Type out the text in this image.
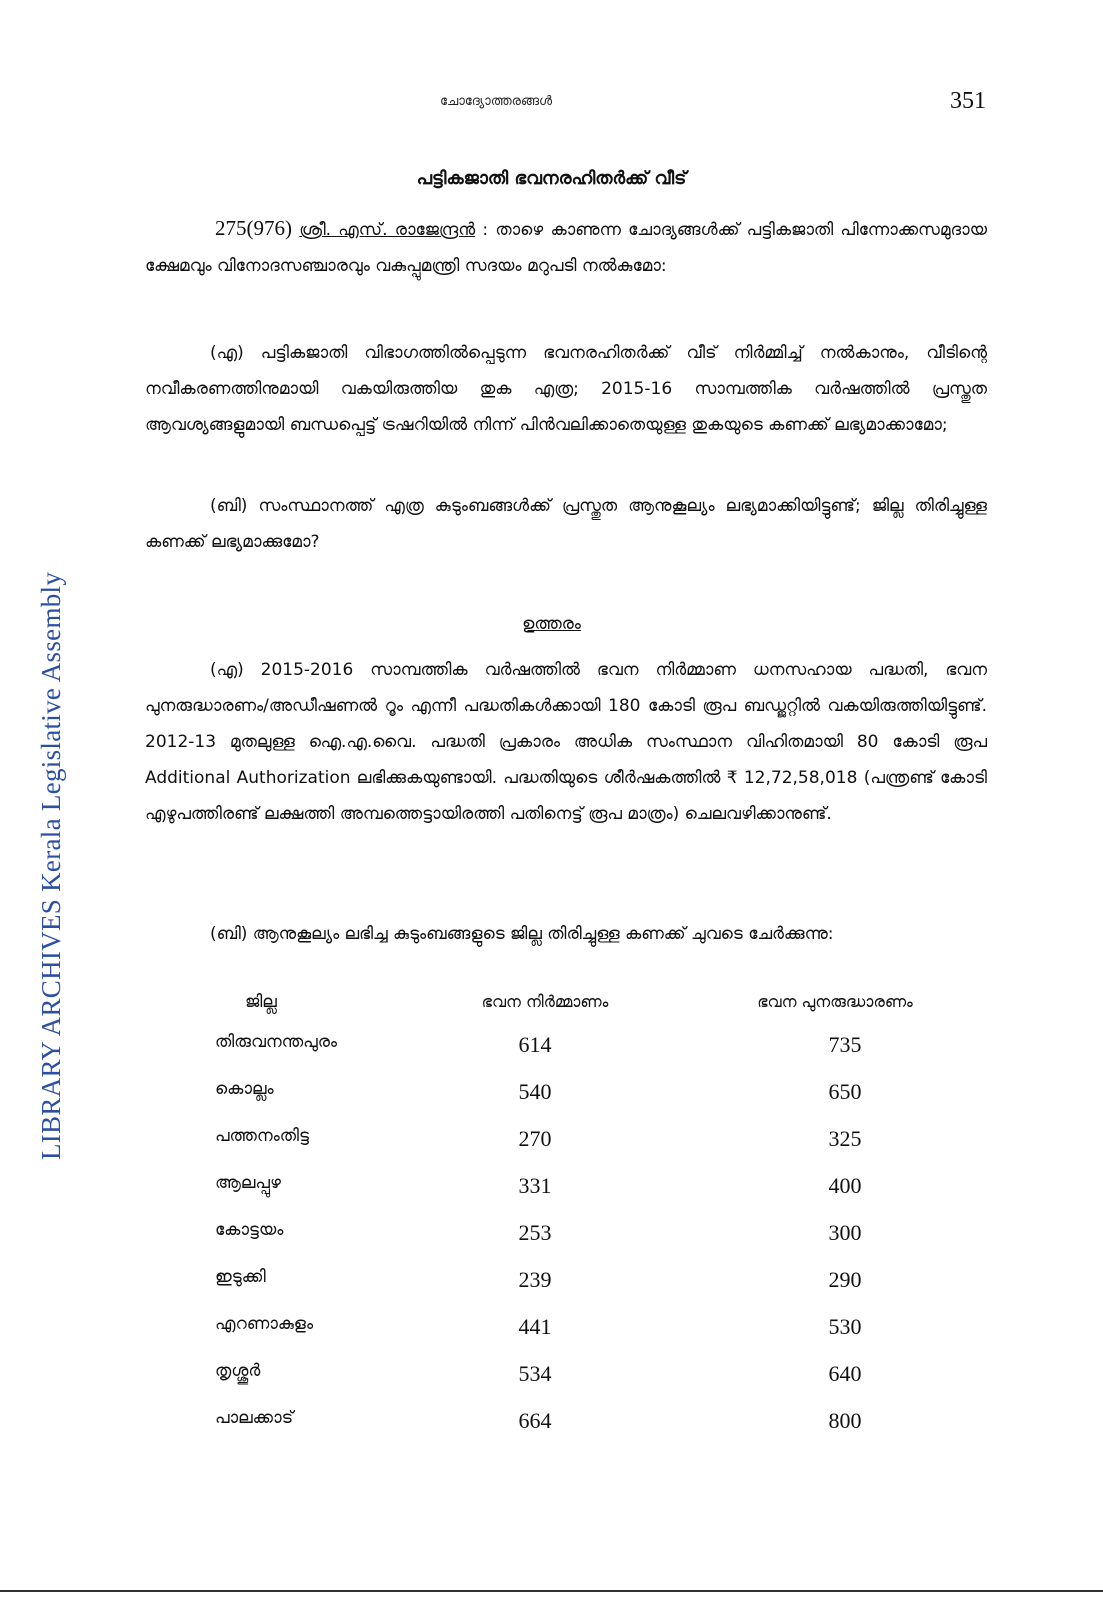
LIBRARY ARCHIVES Kerala Legislative Assembly
ചോദ്യോത്തരങ്ങൾ	351
പട്ടികജാതി ഭവനരഹിതർക്ക് വീട്
275(976) ശ്രീ. എസ്. രാജേന്ദ്രൻ : താഴെ കാണുന്ന ചോദ്യങ്ങൾക്ക് പട്ടികജാതി പിന്നോക്കസമുദായ ക്ഷേമവും വിനോദസഞ്ചാരവും വകുപ്പുമന്ത്രി സദയം മറുപടി നൽകുമോ:
(എ) പട്ടികജാതി വിഭാഗത്തിൽപ്പെടുന്ന ഭവനരഹിതർക്ക് വീട് നിർമ്മിച്ച് നൽകാനും, വീടിന്റെ നവീകരണത്തിനുമായി വകയിരുത്തിയ തുക എത്ര; 2015-16 സാമ്പത്തിക വർഷത്തിൽ പ്രസ്തുത ആവശ്യങ്ങളുമായി ബന്ധപ്പെട്ട് ട്രഷറിയിൽ നിന്ന് പിൻവലിക്കാതെയുള്ള തുകയുടെ കണക്ക് ലഭ്യമാക്കാമോ;
(ബി) സംസ്ഥാനത്ത് എത്ര കുടുംബങ്ങൾക്ക് പ്രസ്തുത ആനുകൂല്യം ലഭ്യമാക്കിയിട്ടുണ്ട്; ജില്ല തിരിച്ചുള്ള കണക്ക് ലഭ്യമാക്കുമോ?
ഉത്തരം
(എ) 2015-2016 സാമ്പത്തിക വർഷത്തിൽ ഭവന നിർമ്മാണ ധനസഹായ പദ്ധതി, ഭവന പുനരുദ്ധാരണം/അഡീഷണൽ റൂം എന്നീ പദ്ധതികൾക്കായി 180 കോടി രൂപ ബഡ്ജറ്റിൽ വകയിരുത്തിയിട്ടുണ്ട്. 2012-13 മുതലുള്ള ഐ.എ.വൈ. പദ്ധതി പ്രകാരം അധിക സംസ്ഥാന വിഹിതമായി 80 കോടി രൂപ Additional Authorization ലഭിക്കുകയുണ്ടായി. പദ്ധതിയുടെ ശീർഷകത്തിൽ ₹ 12,72,58,018 (പന്ത്രണ്ട് കോടി എഴുപത്തിരണ്ട് ലക്ഷത്തി അമ്പത്തെട്ടായിരത്തി പതിനെട്ട് രൂപ മാത്രം) ചെലവഴിക്കാനുണ്ട്.
(ബി) ആനുകൂല്യം ലഭിച്ച കുടുംബങ്ങളുടെ ജില്ല തിരിച്ചുള്ള കണക്ക് ചുവടെ ചേർക്കുന്നു:
ജില്ല	ഭവന നിർമ്മാണം	ഭവന പുനരുദ്ധാരണം
തിരുവനന്തപുരം	614	735
കൊല്ലം	540	650
പത്തനംതിട്ട	270	325
ആലപ്പുഴ	331	400
കോട്ടയം	253	300
ഇടുക്കി	239	290
എറണാകുളം	441	530
തൃശ്ശൂർ	534	640
പാലക്കാട്	664	800
